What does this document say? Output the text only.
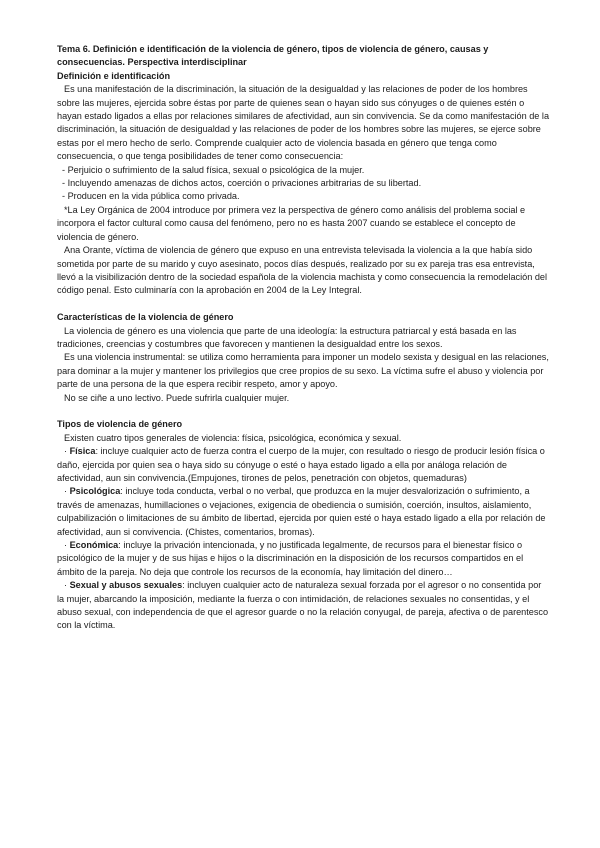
Tema 6. Definición e identificación de la violencia de género, tipos de violencia de género, causas y consecuencias. Perspectiva interdisciplinar

Definición e identificación

Es una manifestación de la discriminación, la situación de la desigualdad y las relaciones de poder de los hombres sobre las mujeres, ejercida sobre éstas por parte de quienes sean o hayan sido sus cónyuges o de quienes estén o hayan estado ligados a ellas por relaciones similares de afectividad, aun sin convivencia. Se da como manifestación de la discriminación, la situación de desigualdad y las relaciones de poder de los hombres sobre las mujeres, se ejerce sobre estas por el mero hecho de serlo. Comprende cualquier acto de violencia basada en género que tenga como consecuencia, o que tenga posibilidades de tener como consecuencia:

- Perjuicio o sufrimiento de la salud física, sexual o psicológica de la mujer.

- Incluyendo amenazas de dichos actos, coerción o privaciones arbitrarias de su libertad.

- Producen en la vida pública como privada.

*La Ley Orgánica de 2004 introduce por primera vez la perspectiva de género como análisis del problema social e incorpora el factor cultural como causa del fenómeno, pero no es hasta 2007 cuando se establece el concepto de violencia de género.

Ana Orante, víctima de violencia de género que expuso en una entrevista televisada la violencia a la que había sido sometida por parte de su marido y cuyo asesinato, pocos días después, realizado por su ex pareja tras esa entrevista, llevó a la visibilización dentro de la sociedad española de la violencia machista y como consecuencia la remodelación del código penal. Esto culminaría con la aprobación en 2004 de la Ley Integral.

Características de la violencia de género

La violencia de género es una violencia que parte de una ideología: la estructura patriarcal y está basada en las tradiciones, creencias y costumbres que favorecen y mantienen la desigualdad entre los sexos.

Es una violencia instrumental: se utiliza como herramienta para imponer un modelo sexista y desigual en las relaciones, para dominar a la mujer y mantener los privilegios que cree propios de su sexo. La víctima sufre el abuso y violencia por parte de una persona de la que espera recibir respeto, amor y apoyo.

No se ciñe a uno lectivo. Puede sufrirla cualquier mujer.

Tipos de violencia de género

Existen cuatro tipos generales de violencia: física, psicológica, económica y sexual.

· Física: incluye cualquier acto de fuerza contra el cuerpo de la mujer, con resultado o riesgo de producir lesión física o daño, ejercida por quien sea o haya sido su cónyuge o esté o haya estado ligado a ella por análoga relación de afectividad, aun sin convivencia.(Empujones, tirones de pelos, penetración con objetos, quemaduras)

· Psicológica: incluye toda conducta, verbal o no verbal, que produzca en la mujer desvalorización o sufrimiento, a través de amenazas, humillaciones o vejaciones, exigencia de obediencia o sumisión, coerción, insultos, aislamiento, culpabilización o limitaciones de su ámbito de libertad, ejercida por quien esté o haya estado ligado a ella por relación de afectividad, aun si convivencia. (Chistes, comentarios, bromas).

· Económica: incluye la privación intencionada, y no justificada legalmente, de recursos para el bienestar físico o psicológico de la mujer y de sus hijas e hijos o la discriminación en la disposición de los recursos compartidos en el ámbito de la pareja. No deja que controle los recursos de la economía, hay limitación del dinero…

· Sexual y abusos sexuales: incluyen cualquier acto de naturaleza sexual forzada por el agresor o no consentida por la mujer, abarcando la imposición, mediante la fuerza o con intimidación, de relaciones sexuales no consentidas, y el abuso sexual, con independencia de que el agresor guarde o no la relación conyugal, de pareja, afectiva o de parentesco con la víctima.
